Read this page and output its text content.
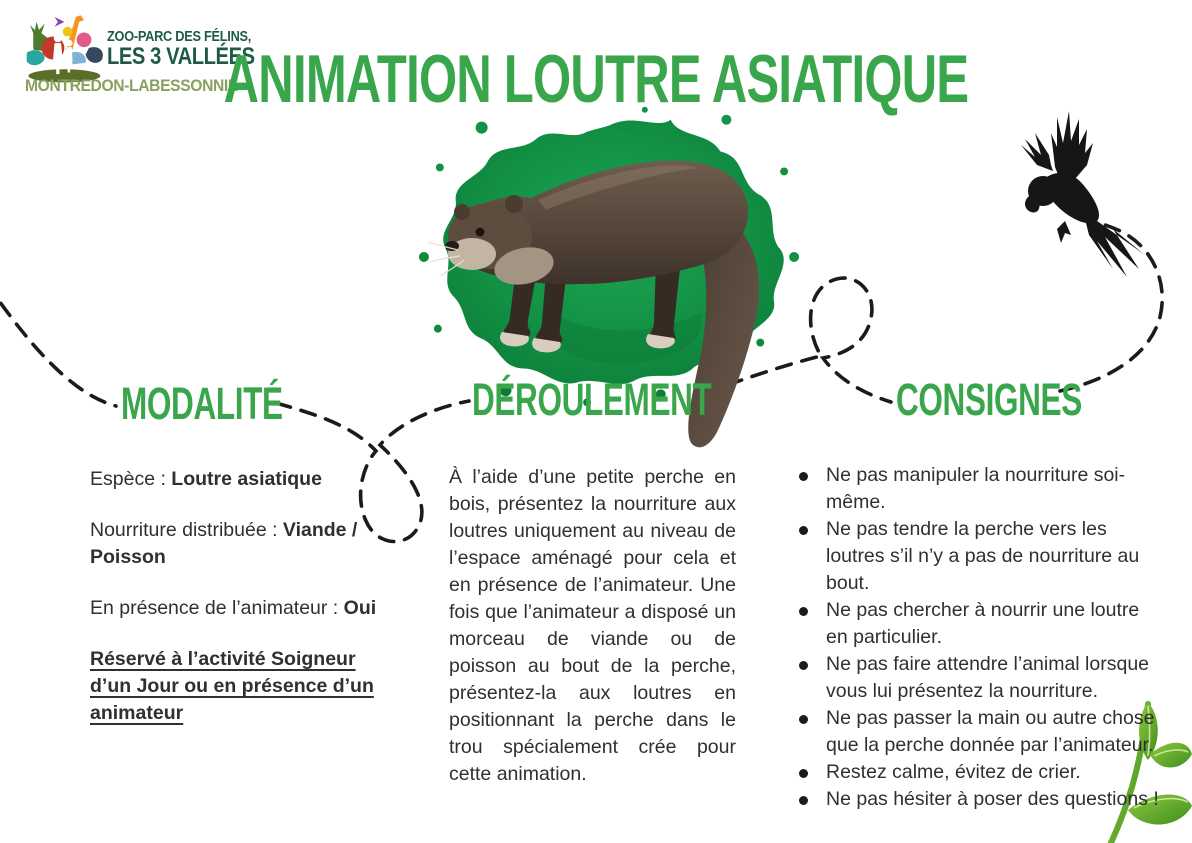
ZOO-PARC DES FÉLINS,
LES 3 VALLÉES
MONTREDON-LABESSONNIÉ
ANIMATION LOUTRE ASIATIQUE
MODALITÉ	DÉROULEMENT	CONSIGNES

Espèce : Loutre asiatique

Nourriture distribuée : Viande / Poisson

En présence de l’animateur : Oui

Réservé à l’activité Soigneur d’un Jour ou en présence d’un animateur

À l’aide d’une petite perche en bois, présentez la nourriture aux loutres uniquement au niveau de l’espace aménagé pour cela et en présence de l’animateur. Une fois que l’animateur a disposé un morceau de viande ou de poisson au bout de la perche, présentez-la aux loutres en positionnant la perche dans le trou spécialement crée pour cette animation.

Ne pas manipuler la nourriture soi-même.
Ne pas tendre la perche vers les loutres s’il n’y a pas de nourriture au bout.
Ne pas chercher à nourrir une loutre en particulier.
Ne pas faire attendre l’animal lorsque vous lui présentez la nourriture.
Ne pas passer la main ou autre chose que la perche donnée par l’animateur.
Restez calme, évitez de crier.
Ne pas hésiter à poser des questions !
